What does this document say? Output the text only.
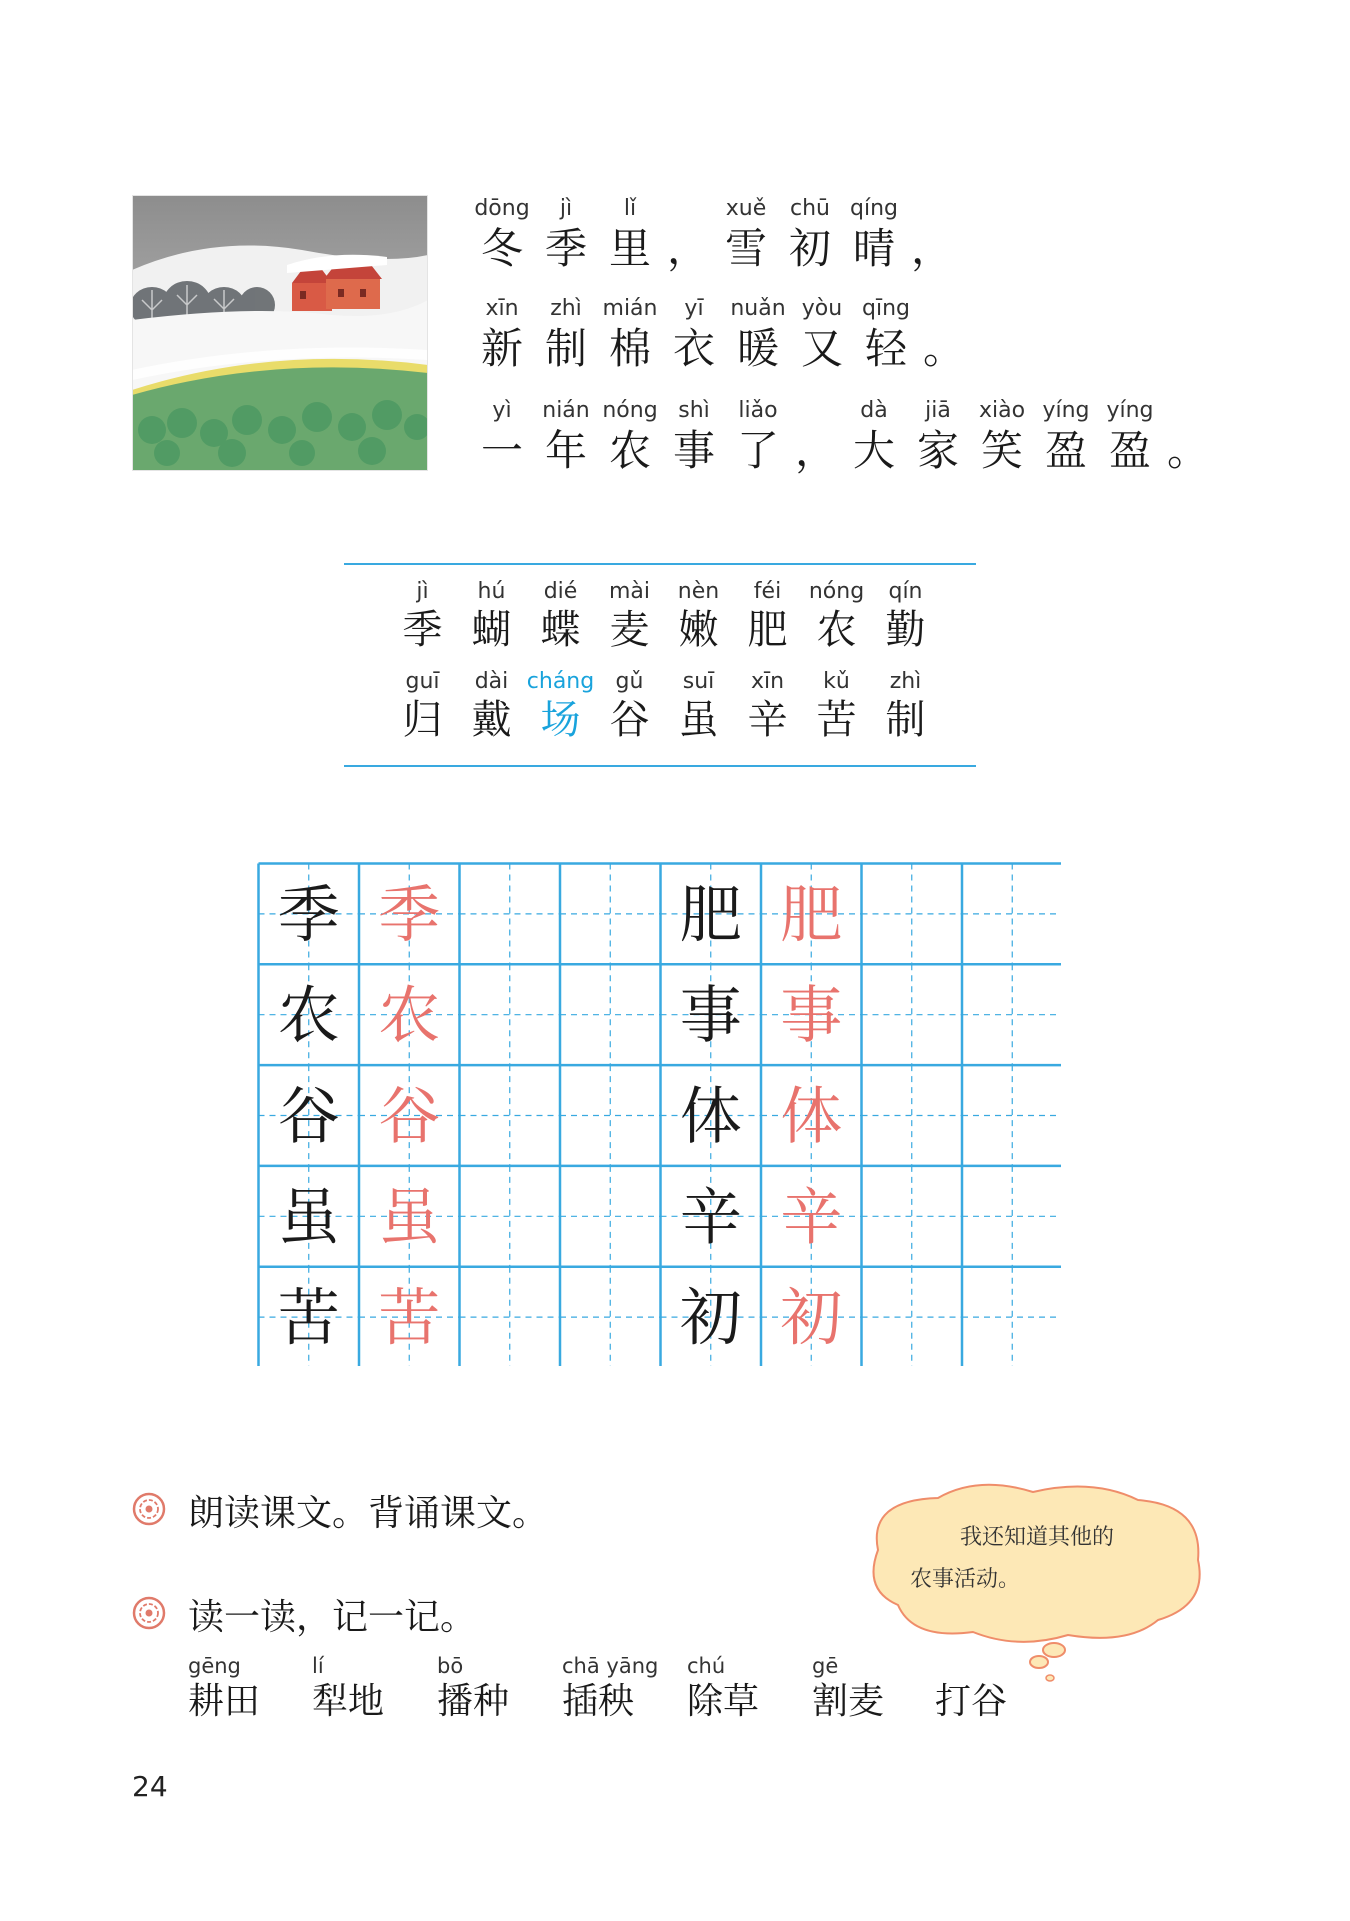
dōng
冬
jì
季
lǐ
里 ，
xuě
雪
chū
初
qíng
晴 ，
xīn
新
zhì
制
mián
棉
yī
衣
nuǎn
暖
yòu
又
qīng
轻 。
yì
一
nián
年
nóng
农
shì
事
liǎo
了 ，
dà
大
jiā
家
xiào
笑
yíng
盈
yíng
盈 。
jì
季
hú
蝴
dié
蝶
mài
麦
nèn
嫩
féi
肥
nóng
农
qín
勤
guī
归
dài
戴
cháng
场
gǔ
谷
suī
虽
xīn
辛
kǔ
苦
zhì
制
季 季
农 农
谷 谷
虽 虽
苦 苦
肥 肥
事 事
体 体
辛 辛
初 初
朗读课文。背诵课文。
读一读，记一记。
我还知道其他的
农事活动。
gēng
耕田
lí
犁地
bō
播种
chā yāng
插秧
chú
除草
gē
割麦 打谷
24
